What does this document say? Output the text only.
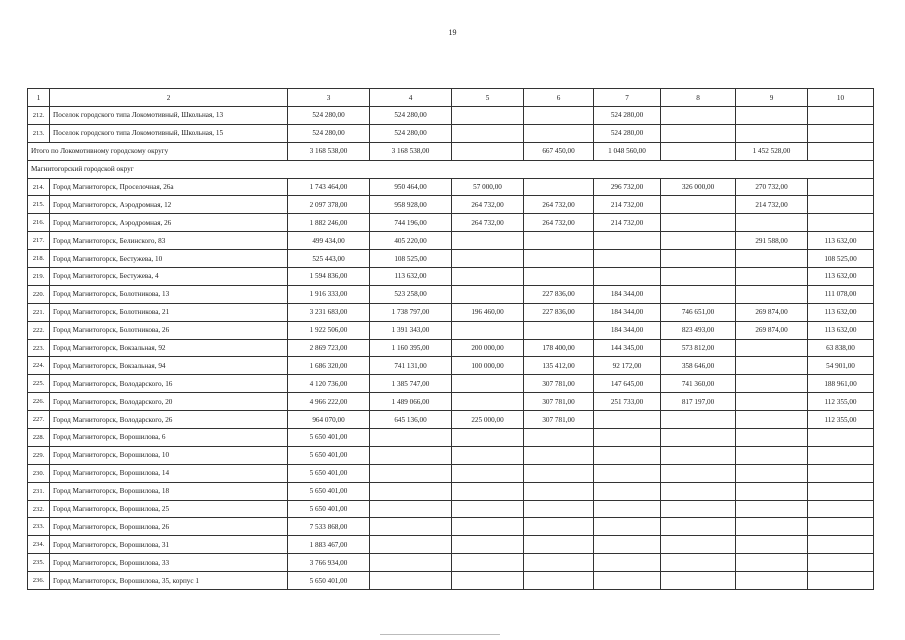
19
1	2	3	4	5	6	7	8	9	10
212.	Поселок городского типа Локомотивный, Школьная, 13	524 280,00	524 280,00			524 280,00			
213.	Поселок городского типа Локомотивный, Школьная, 15	524 280,00	524 280,00			524 280,00			
Итого по Локомотивному городскому округу		3 168 538,00	3 168 538,00		667 450,00	1 048 560,00		1 452 528,00	
Магнитогорский городской округ									
214.	Город Магнитогорск, Проселочная, 26а	1 743 464,00	950 464,00	57 000,00		296 732,00	326 000,00	270 732,00	
215.	Город Магнитогорск, Аэродромная, 12	2 097 378,00	958 928,00	264 732,00	264 732,00	214 732,00		214 732,00	
216.	Город Магнитогорск, Аэродромная, 26	1 882 246,00	744 196,00	264 732,00	264 732,00	214 732,00			
217.	Город Магнитогорск, Белинского, 83	499 434,00	405 220,00					291 588,00	113 632,00
218.	Город Магнитогорск, Бестужева, 10	525 443,00	108 525,00						108 525,00
219.	Город Магнитогорск, Бестужева, 4	1 594 836,00	113 632,00						113 632,00
220.	Город Магнитогорск, Болотникова, 13	1 916 333,00	523 258,00		227 836,00	184 344,00			111 078,00
221.	Город Магнитогорск, Болотникова, 21	3 231 683,00	1 738 797,00	196 460,00	227 836,00	184 344,00	746 651,00	269 874,00	113 632,00
222.	Город Магнитогорск, Болотникова, 26	1 922 506,00	1 391 343,00			184 344,00	823 493,00	269 874,00	113 632,00
223.	Город Магнитогорск, Вокзальная, 92	2 869 723,00	1 160 395,00	200 000,00	178 400,00	144 345,00	573 812,00		63 838,00
224.	Город Магнитогорск, Вокзальная, 94	1 686 320,00	741 131,00	100 000,00	135 412,00	92 172,00	358 646,00		54 901,00
225.	Город Магнитогорск, Володарского, 16	4 120 736,00	1 385 747,00		307 781,00	147 645,00	741 360,00		188 961,00
226.	Город Магнитогорск, Володарского, 20	4 966 222,00	1 489 066,00		307 781,00	251 733,00	817 197,00		112 355,00
227.	Город Магнитогорск, Володарского, 26	964 070,00	645 136,00	225 000,00	307 781,00				112 355,00
228.	Город Магнитогорск, Ворошилова, 6	5 650 401,00							
229.	Город Магнитогорск, Ворошилова, 10	5 650 401,00							
230.	Город Магнитогорск, Ворошилова, 14	5 650 401,00							
231.	Город Магнитогорск, Ворошилова, 18	5 650 401,00							
232.	Город Магнитогорск, Ворошилова, 25	5 650 401,00							
233.	Город Магнитогорск, Ворошилова, 26	7 533 868,00							
234.	Город Магнитогорск, Ворошилова, 31	1 883 467,00							
235.	Город Магнитогорск, Ворошилова, 33	3 766 934,00							
236.	Город Магнитогорск, Ворошилова, 35, корпус 1	5 650 401,00							
